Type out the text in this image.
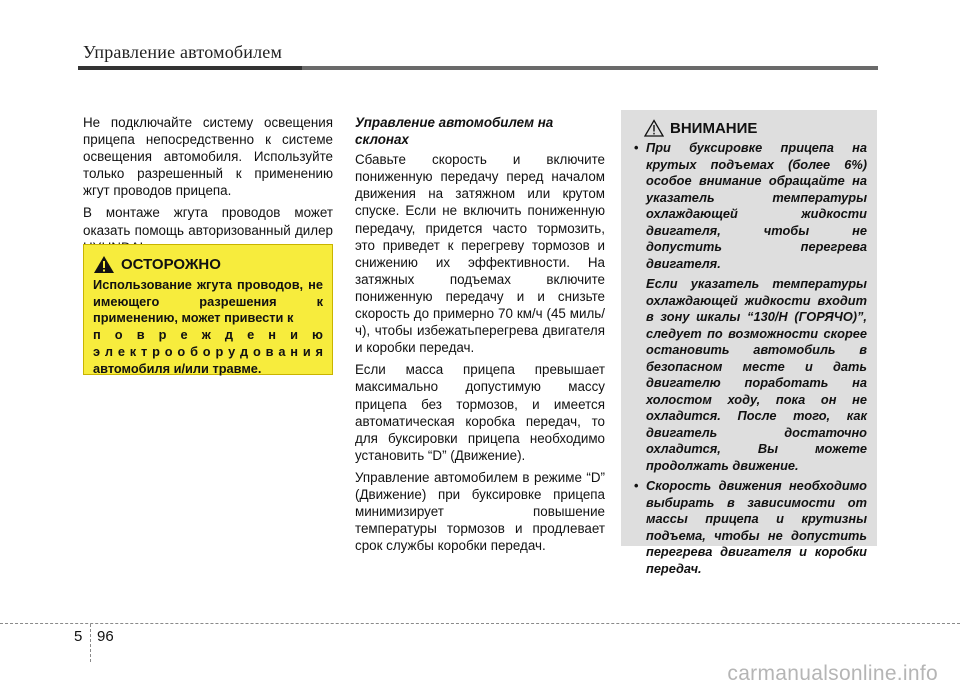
Управление автомобилем

Не подключайте систему освещения прицепа непосредственно к системе освещения автомобиля. Используйте только разрешенный к применению жгут проводов прицепа.

В монтаже жгута проводов может оказать помощь авторизованный дилер

ОСТОРОЖНО
Использование жгута проводов, не имеющего разрешения к применению, может привести к
п о в р е ж д е н и ю
э л е к т р о о б о р у д о в а н и я
автомобиля и/или травме.

Управление автомобилем на склонах

Сбавьте скорость и включите пониженную передачу перед началом движения на затяжном или крутом спуске. Если не включить пониженную передачу, придется часто тормозить, это приведет к перегреву тормозов и снижению их эффективности. На затяжных подъемах включите пониженную передачу и и снизьте скорость до примерно 70 км/ч (45 миль/ч), чтобы избежатьперегрева двигателя и коробки передач.

Если масса прицепа превышает максимально допустимую массу прицепа без тормозов, и имеется автоматическая коробка передач, то для буксировки прицепа необходимо установить “D” (Движение).

Управление автомобилем в режиме “D” (Движение) при буксировке прицепа минимизирует повышение температуры тормозов и продлевает срок службы коробки передач.

ВНИМАНИЕ

• При буксировке прицепа на крутых подъемах (более 6%) особое внимание обращайте на указатель температуры охлаждающей жидкости двигателя, чтобы не допустить перегрева двигателя.

Если указатель температуры охлаждающей жидкости входит в зону шкалы “130/H (ГОРЯЧО)”, следует по возможности скорее остановить автомобиль в безопасном месте и дать двигателю поработать на холостом ходу, пока он не охладится. После того, как двигатель достаточно охладится, Вы можете продолжать движение.

• Скорость движения необходимо выбирать в зависимости от массы прицепа и крутизны подъема, чтобы не допустить перегрева двигателя и коробки передач.

5 96
carmanualsonline.info
